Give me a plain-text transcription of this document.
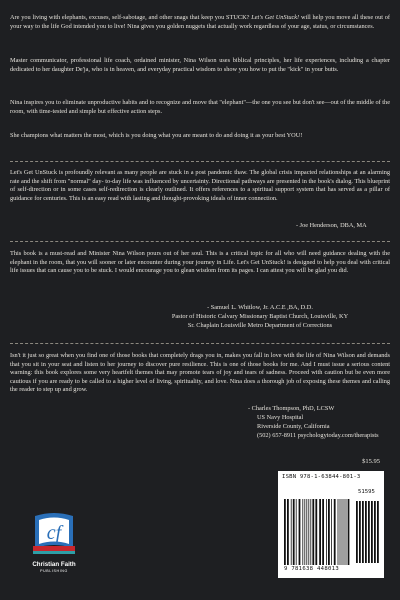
Are you living with elephants, excuses, self-sabotage, and other snags that keep you STUCK? Let's Get UnStuck! will help you move all these out of your way to the life God intended you to live! Nina gives you golden nuggets that actually work regardless of your age, status, or circumstances.

Master communicator, professional life coach, ordained minister, Nina Wilson uses biblical principles, her life experiences, including a chapter dedicated to her daughter De'ja, who is in heaven, and everyday practical wisdom to show you how to put the "kick" in your butts.

Nina inspires you to eliminate unproductive habits and to recognize and move that "elephant"—the one you see but don't see—out of the middle of the room, with time-tested and simple but effective action steps.

She champions what matters the most, which is you doing what you are meant to do and doing it as your best YOU!

Let's Get UnStuck is profoundly relevant as many people are stuck in a post pandemic thaw. The global crisis impacted relationships at an alarming rate and the shift from "normal" day- to-day life was influenced by uncertainty. Directional pathways are presented in the book's dialog. This blueprint of self-direction or in some cases self-redirection is clearly outlined. It offers references to a spiritual support system that has served as a pillar of guidance for centuries. This is an easy read with lasting and thought-provoking ideals of inner connection.

- Joe Henderson, DBA, MA

This book is a must-read and Minister Nina Wilson pours out of her soul. This is a critical topic for all who will need guidance dealing with the elephant in the room, that you will sooner or later encounter during your journey in Life. Let's Get UnStuck! is designed to help you deal with critical life issues that can cause you to be stuck. I would encourage you to glean wisdom from its pages. I can attest you will be glad you did.

- Samuel L. Whitlow, Jr. A.C.E ,BA, D.D.

Pastor of Historic Calvary Missionary Baptist Church, Louisville, KY

Sr. Chaplain Louisville Metro Department of Corrections

Isn't it just so great when you find one of those books that completely drags you in, makes you fall in love with the life of Nina Wilson and demands that you sit in your seat and listen to her journey to discover pure resilience. This is one of those books for me. And I must issue a serious content warning: this book explores some very heartfelt themes that may promote tears of joy and tears of sadness. Proceed with caution but be even more cautious if you are ready to be called to a higher level of living, spirituality, and love. Nina does a thorough job of exposing these themes and calling the reader to step up and grow.

- Charles Thompson, PhD, LCSW

US Navy Hospital

Riverside County, California

(502) 657-8911 psychologytoday.com/therapists

$15.95
cf
Christian Faith
PUBLISHING
ISBN 978-1-63844-801-3
51595
9 781638 448013
